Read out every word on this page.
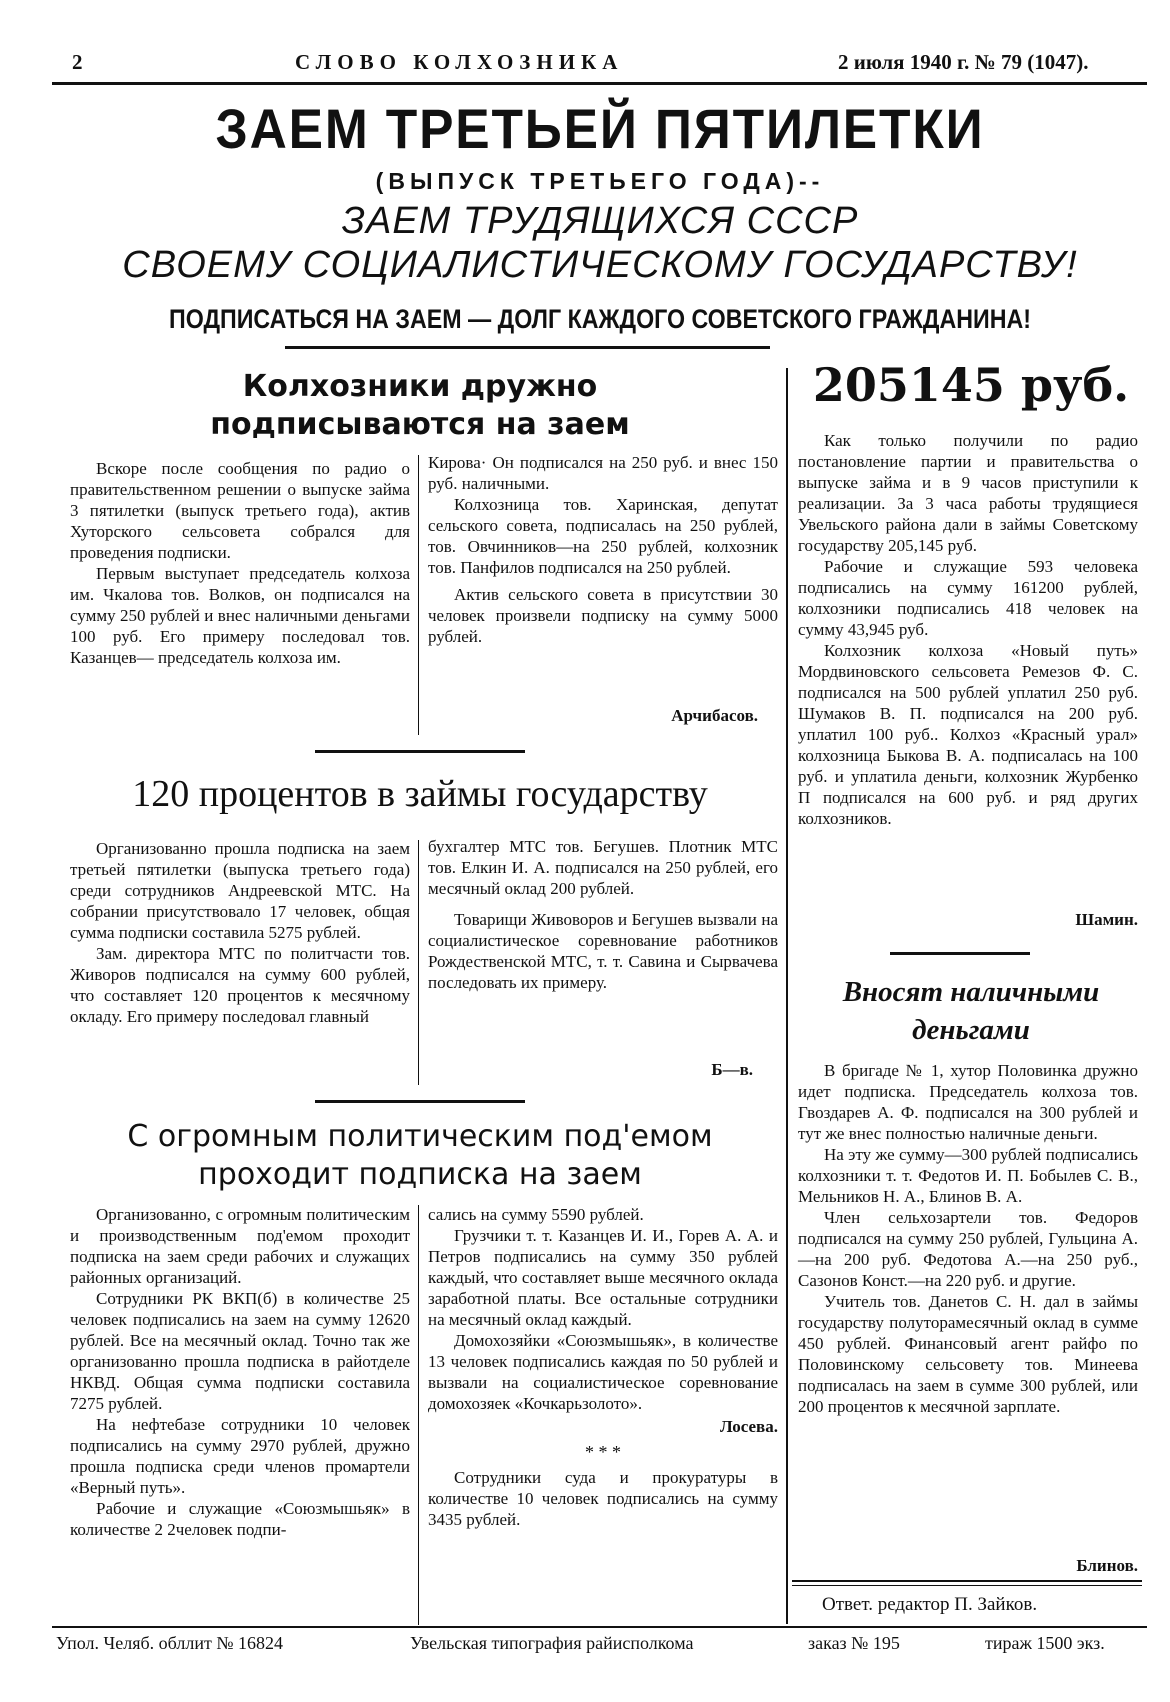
2	СЛОВО КОЛХОЗНИКА	2 июля 1940 г. № 79 (1047).
ЗАЕМ ТРЕТЬЕЙ ПЯТИЛЕТКИ
(ВЫПУСК ТРЕТЬЕГО ГОДА)--
ЗАЕМ ТРУДЯЩИХСЯ СССР
СВОЕМУ СОЦИАЛИСТИЧЕСКОМУ ГОСУДАРСТВУ!
ПОДПИСАТЬСЯ НА ЗАЕМ — ДОЛГ КАЖДОГО СОВЕТСКОГО ГРАЖДАНИНА!
Колхозники дружно
подписываются на заем

Вскоре после сообщения по радио о правительственном решении о выпуске займа 3 пятилетки (выпуск третьего года), актив Хуторского сельсовета собрался для проведения подписки.

Первым выступает председатель колхоза им. Чкалова тов. Волков, он подписался на сумму 250 рублей и внес наличными деньгами 100 руб. Его примеру последовал тов. Казанцев— председатель колхоза им.

Кирова· Он подписался на 250 руб. и внес 150 руб. наличными.

Колхозница тов. Харинская, депутат сельского совета, подписалась на 250 рублей, тов. Овчинников—на 250 рублей, колхозник тов. Панфилов подписался на 250 рублей.

Актив сельского совета в присутствии 30 человек произвели подписку на сумму 5000 рублей.

Арчибасов.
120 процентов в займы государству

Организованно прошла подписка на заем третьей пятилетки (выпуска третьего года) среди сотрудников Андреевской МТС. На собрании присутствовало 17 человек, общая сумма подписки составила 5275 рублей.

Зам. директора МТС по политчасти тов. Живоров подписался на сумму 600 рублей, что составляет 120 процентов к месячному окладу. Его примеру последовал главный

бухгалтер МТС тов. Бегушев. Плотник МТС тов. Елкин И. А. подписался на 250 рублей, его месячный оклад 200 рублей.

Товарищи Живоворов и Бегушев вызвали на социалистическое соревнование работников Рождественской МТС, т. т. Савина и Сырвачева последовать их примеру.

Б—в.
С огромным политическим под'емом
проходит подписка на заем

Организованно, с огромным политическим и производственным под'емом проходит подписка на заем среди рабочих и служащих районных организаций.

Сотрудники РК ВКП(б) в количестве 25 человек подписались на заем на сумму 12620 рублей. Все на месячный оклад. Точно так же организованно прошла подписка в райотделе НКВД. Общая сумма подписки составила 7275 рублей.

На нефтебазе сотрудники 10 человек подписались на сумму 2970 рублей, дружно прошла подписка среди членов промартели «Верный путь».

Рабочие и служащие «Союзмышьяк» в количестве 2 2человек подпи-

сались на сумму 5590 рублей.

Грузчики т. т. Казанцев И. И., Горев А. А. и Петров подписались на сумму 350 рублей каждый, что составляет выше месячного оклада заработной платы. Все остальные сотрудники на месячный оклад каждый.

Домохозяйки «Союзмышьяк», в количестве 13 человек подписались каждая по 50 рублей и вызвали на социалистическое соревнование домохозяек «Кочкарьзолото».

Лосева.
* * *

Сотрудники суда и прокуратуры в количестве 10 человек подписались на сумму 3435 рублей.

205145 руб.

Как только получили по радио постановление партии и правительства о выпуске займа и в 9 часов приступили к реализации. За 3 часа работы трудящиеся Увельского района дали в займы Советскому государству 205,145 руб.

Рабочие и служащие 593 человека подписались на сумму 161200 рублей, колхозники подписались 418 человек на сумму 43,945 руб.

Колхозник колхоза «Новый путь» Мордвиновского сельсовета Ремезов Ф. С. подписался на 500 рублей уплатил 250 руб. Шумаков В. П. подписался на 200 руб. уплатил 100 руб.. Колхоз «Красный урал» колхозница Быкова В. А. подписалась на 100 руб. и уплатила деньги, колхозник Журбенко П подписался на 600 руб. и ряд других колхозников.

Шамин.
Вносят наличными
деньгами

В бригаде № 1, хутор Половинка дружно идет подписка. Председатель колхоза тов. Гвоздарев А. Ф. подписался на 300 рублей и тут же внес полностью наличные деньги.

На эту же сумму—300 рублей подписались колхозники т. т. Федотов И. П. Бобылев С. В., Мельников Н. А., Блинов В. А.

Член сельхозартели тов. Федоров подписался на сумму 250 рублей, Гульцина А.—на 200 руб. Федотова А.—на 250 руб., Сазонов Конст.—на 220 руб. и другие.

Учитель тов. Данетов С. Н. дал в займы государству полуторамесячный оклад в сумме 450 рублей. Финансовый агент райфо по Половинскому сельсовету тов. Минеева подписалась на заем в сумме 300 рублей, или 200 процентов к месячной зарплате.

Блинов.
Ответ. редактор П. Зайков.
Упол. Челяб. обллит № 16824	Увельская типография райисполкома	заказ № 195	тираж 1500 экз.
